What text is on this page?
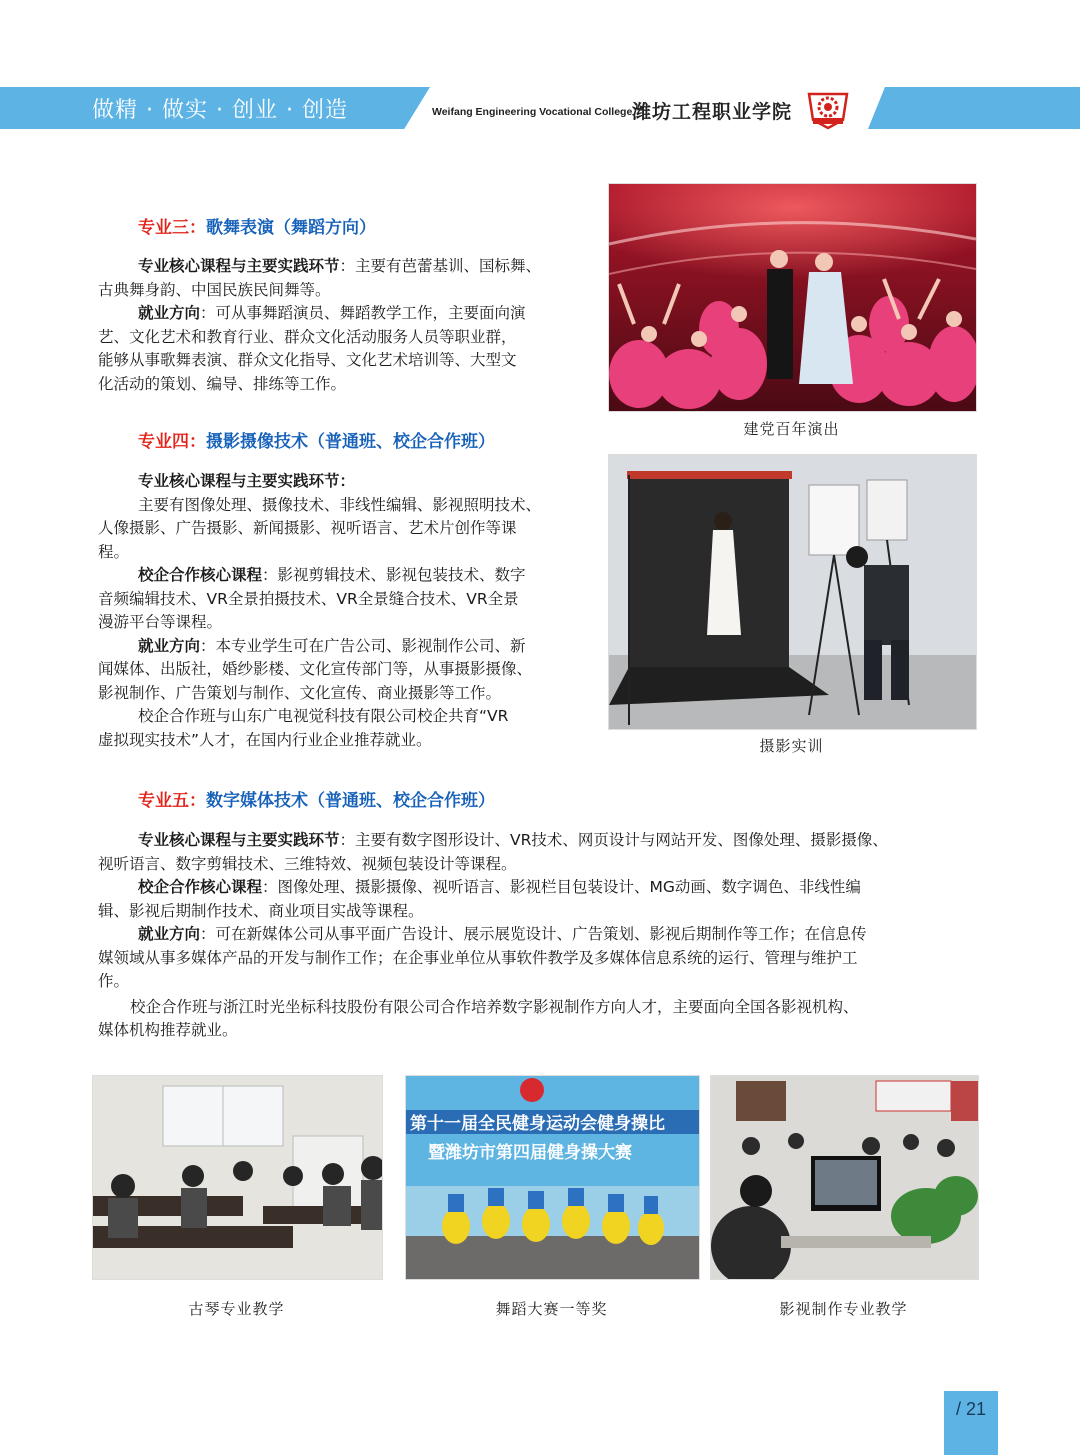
做精 · 做实 · 创业 · 创造	Weifang Engineering Vocational College 潍坊工程职业学院
专业三：歌舞表演（舞蹈方向）
专业核心课程与主要实践环节：主要有芭蕾基训、国标舞、
古典舞身韵、中国民族民间舞等。
就业方向：可从事舞蹈演员、舞蹈教学工作，主要面向演
艺、文化艺术和教育行业、群众文化活动服务人员等职业群，
能够从事歌舞表演、群众文化指导、文化艺术培训等、大型文
化活动的策划、编导、排练等工作。
建党百年演出
专业四：摄影摄像技术（普通班、校企合作班）
专业核心课程与主要实践环节：
主要有图像处理、摄像技术、非线性编辑、影视照明技术、
人像摄影、广告摄影、新闻摄影、视听语言、艺术片创作等课
程。
校企合作核心课程：影视剪辑技术、影视包装技术、数字
音频编辑技术、VR全景拍摄技术、VR全景缝合技术、VR全景
漫游平台等课程。
就业方向：本专业学生可在广告公司、影视制作公司、新
闻媒体、出版社，婚纱影楼、文化宣传部门等，从事摄影摄像、
影视制作、广告策划与制作、文化宣传、商业摄影等工作。
校企合作班与山东广电视觉科技有限公司校企共育“VR
虚拟现实技术”人才，在国内行业企业推荐就业。	摄影实训
专业五：数字媒体技术（普通班、校企合作班）
专业核心课程与主要实践环节：主要有数字图形设计、VR技术、网页设计与网站开发、图像处理、摄影摄像、
视听语言、数字剪辑技术、三维特效、视频包装设计等课程。
校企合作核心课程：图像处理、摄影摄像、视听语言、影视栏目包装设计、MG动画、数字调色、非线性编
辑、影视后期制作技术、商业项目实战等课程。
就业方向：可在新媒体公司从事平面广告设计、展示展览设计、广告策划、影视后期制作等工作；在信息传
媒领域从事多媒体产品的开发与制作工作；在企事业单位从事软件教学及多媒体信息系统的运行、管理与维护工
作。
校企合作班与浙江时光坐标科技股份有限公司合作培养数字影视制作方向人才，主要面向全国各影视机构、
媒体机构推荐就业。
古琴专业教学
第十一届全民健身运动会健身操比
暨潍坊市第四届健身操大赛
舞蹈大赛一等奖	影视制作专业教学
/ 21
